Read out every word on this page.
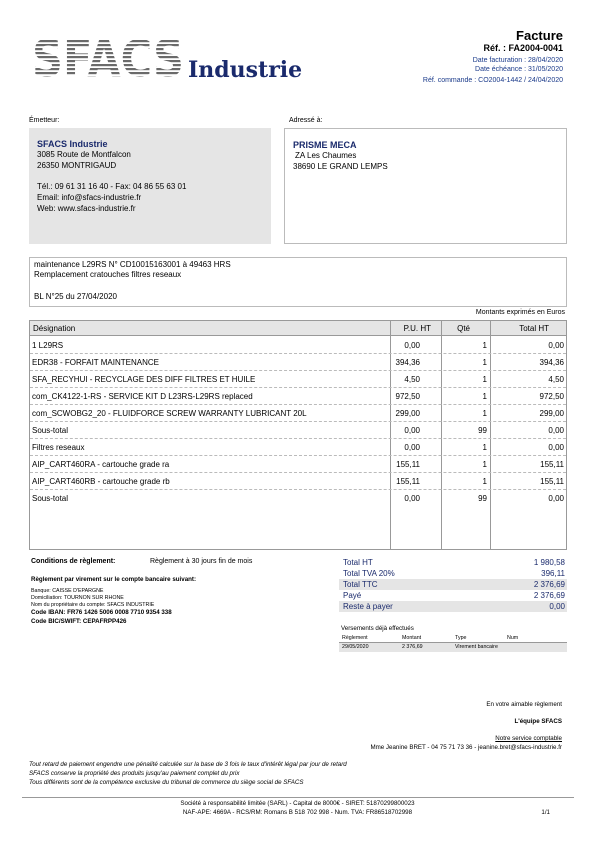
SFACS Industrie
Facture
Réf. : FA2004-0041
Date facturation : 28/04/2020
Date échéance : 31/05/2020
Réf. commande : CO2004-1442 / 24/04/2020
Émetteur:	Adressé à:
SFACS Industrie
3085 Route de Montfalcon
26350 MONTRIGAUD
Tél.: 09 61 31 16 40 - Fax: 04 86 55 63 01
Email: info@sfacs-industrie.fr
Web: www.sfacs-industrie.fr
PRISME MECA
ZA Les Chaumes
38690 LE GRAND LEMPS
maintenance L29RS N° CD10015163001 à 49463 HRS
Remplacement cratouches filtres reseaux
BL N°25 du 27/04/2020
Montants exprimés en Euros
Désignation	P.U. HT	Qté	Total HT
1 L29RS	0,00	1	0,00
EDR38 - FORFAIT MAINTENANCE	394,36	1	394,36
SFA_RECYHUI - RECYCLAGE DES DIFF FILTRES ET HUILE	4,50	1	4,50
com_CK4122-1-RS - SERVICE KIT D L23RS-L29RS replaced	972,50	1	972,50
com_SCWOBG2_20 - FLUIDFORCE SCREW WARRANTY LUBRICANT 20L	299,00	1	299,00
Sous-total	0,00	99	0,00
Filtres reseaux	0,00	1	0,00
AIP_CART460RA - cartouche grade ra	155,11	1	155,11
AIP_CART460RB - cartouche grade rb	155,11	1	155,11
Sous-total	0,00	99	0,00
Conditions de règlement:	Règlement à 30 jours fin de mois
Règlement par virement sur le compte bancaire suivant:
Banque: CAISSE D'EPARGNE
Domiciliation: TOURNON SUR RHONE
Nom du propriétaire du compte: SFACS INDUSTRIE
Code IBAN: FR76 1426 5006 0008 7710 9354 338
Code BIC/SWIFT: CEPAFRPP426
Total HT	1 980,58
Total TVA 20%	396,11
Total TTC	2 376,69
Payé	2 376,69
Reste à payer	0,00
Versements déjà effectués
Règlement	Montant	Type	Num
29/05/2020	2 376,69	Virement bancaire
En votre aimable règlement
L'équipe SFACS
Notre service comptable
Mme Jeanine BRET - 04 75 71 73 36 - jeanine.bret@sfacs-industrie.fr
Tout retard de paiement engendre une pénalité calculée sur la base de 3 fois le taux d'intérêt légal par jour de retard
SFACS conserve la propriété des produits jusqu'au paiement complet du prix
Tous différents sont de la compétence exclusive du tribunal de commerce du siège social de SFACS
Société à responsabilité limitée (SARL) - Capital de 8000€ - SIRET: 51870299800023
NAF-APE: 4669A - RCS/RM: Romans B 518 702 998 - Num. TVA: FR86518702998	1/1
